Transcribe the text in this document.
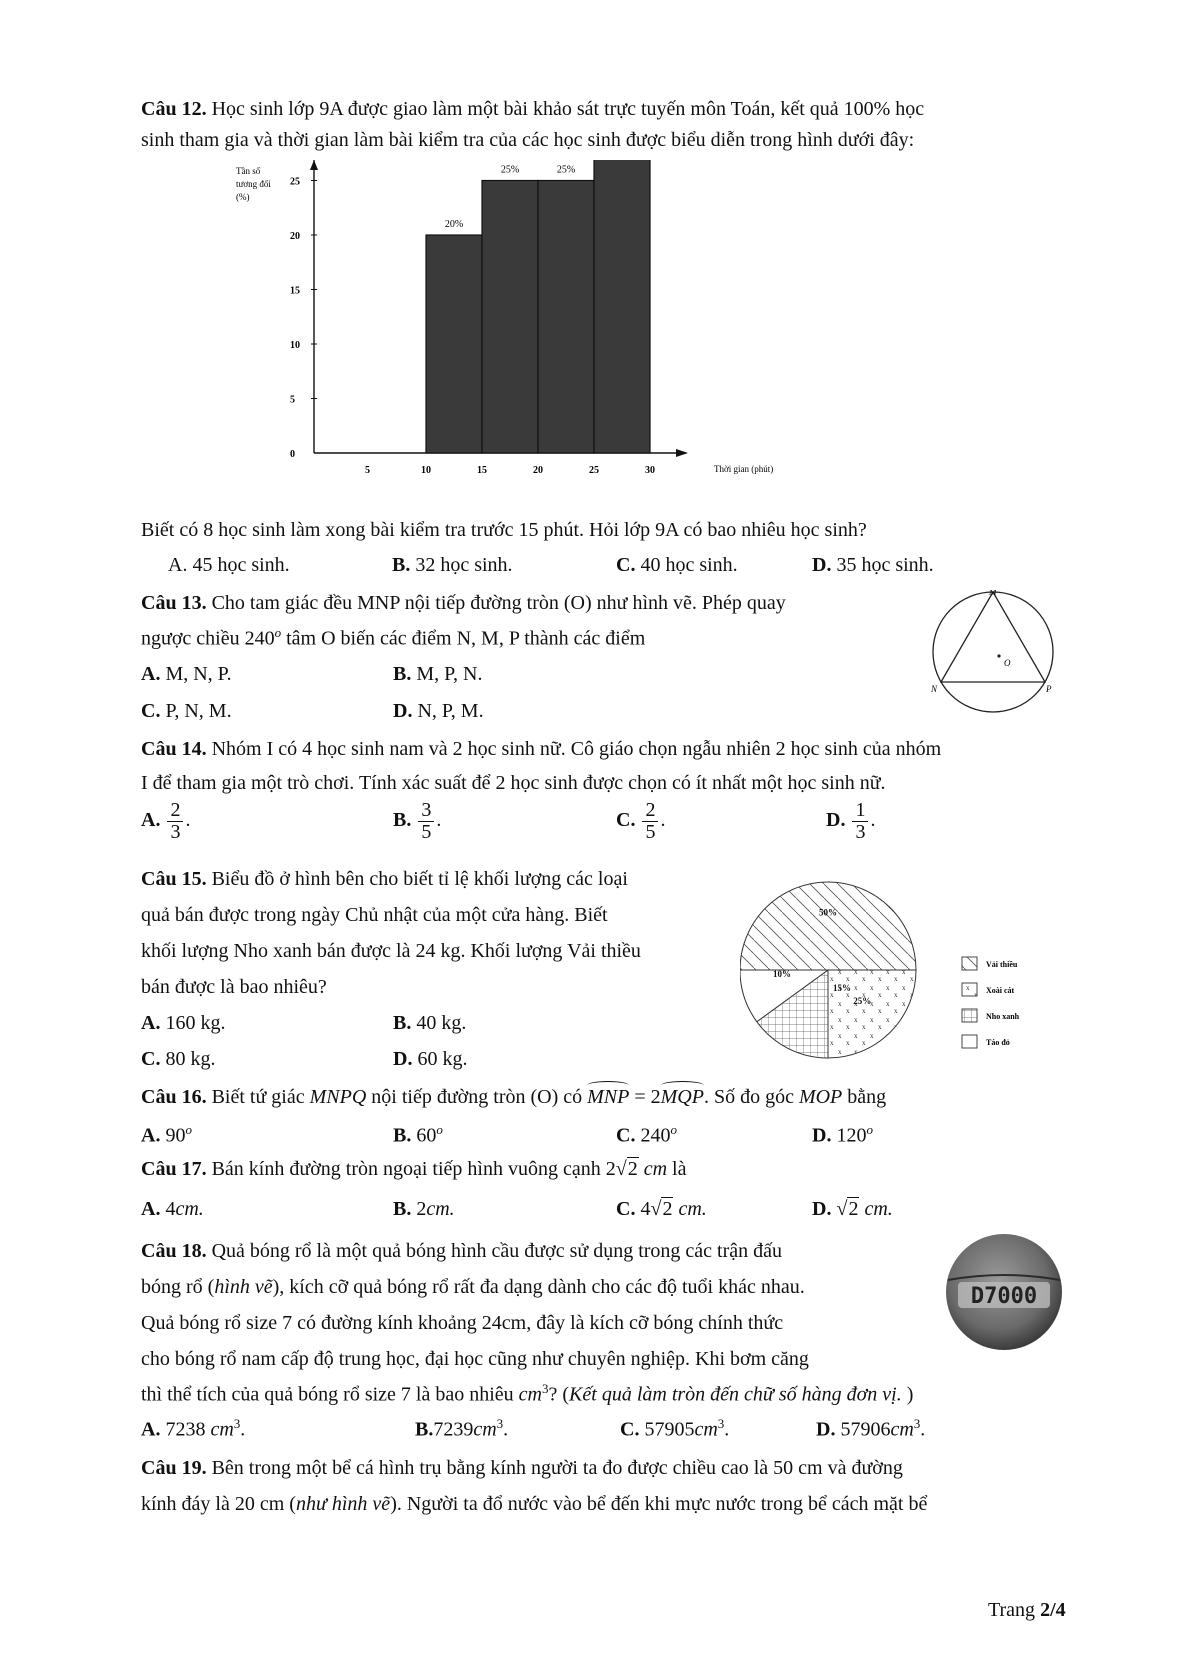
Câu 12. Học sinh lớp 9A được giao làm một bài khảo sát trực tuyến môn Toán, kết quả 100% học
sinh tham gia và thời gian làm bài kiểm tra của các học sinh được biểu diễn trong hình dưới đây:
0
5
10
15
20
25
Tần số
tương đối
(%)
5	10	15	20	25	30	Thời gian (phút)
20%
25%	25%
Biết có 8 học sinh làm xong bài kiểm tra trước 15 phút. Hỏi lớp 9A có bao nhiêu học sinh?
A. 45 học sinh.	B. 32 học sinh.	C. 40 học sinh.	D. 35 học sinh.
Câu 13. Cho tam giác đều MNP nội tiếp đường tròn (O) như hình vẽ. Phép quay
ngược chiều 240$^o$ tâm O biến các điểm N, M, P thành các điểm
A. M, N, P.	B. M, P, N.
C. P, N, M.	D. N, P, M.
M
N	P
O
Câu 14. Nhóm I có 4 học sinh nam và 2 học sinh nữ. Cô giáo chọn ngẫu nhiên 2 học sinh của nhóm
I để tham gia một trò chơi. Tính xác suất để 2 học sinh được chọn có ít nhất một học sinh nữ.
A. $\frac{2}{3}$ .	B. $\frac{3}{5}$ .	C. $\frac{2}{5}$ .	D. $\frac{1}{3}$ .
Câu 15. Biểu đồ ở hình bên cho biết tỉ lệ khối lượng các loại
quả bán được trong ngày Chủ nhật của một cửa hàng. Biết
khối lượng Nho xanh bán được là 24 kg. Khối lượng Vải thiều
bán được là bao nhiêu?
A. 160 kg.	B. 40 kg.
C. 80 kg.	D. 60 kg.
50%
25%
15%
10%
Vải thiều
Xoài cát
Nho xanh
Táo đỏ
Câu 16. Biết tứ giác MNPQ nội tiếp đường tròn (O) có MNP = 2MQP. Số đo góc MOP bằng
A. 90$^o$	B. 60$^o$	C. 240$^o$	D. 120$^o$
Câu 17. Bán kính đường tròn ngoại tiếp hình vuông cạnh 2√2 cm là
A. 4cm.	B. 2cm.	C. 4√2 cm.	D. √2 cm.
Câu 18. Quả bóng rổ là một quả bóng hình cầu được sử dụng trong các trận đấu
bóng rổ (hình vẽ), kích cỡ quả bóng rổ rất đa dạng dành cho các độ tuổi khác nhau.
Quả bóng rổ size 7 có đường kính khoảng 24cm, đây là kích cỡ bóng chính thức
cho bóng rổ nam cấp độ trung học, đại học cũng như chuyên nghiệp. Khi bơm căng
thì thể tích của quả bóng rổ size 7 là bao nhiêu $cm^3$? (Kết quả làm tròn đến chữ số hàng đơn vị. )
D7000
A. 7238 $cm^3$.	$B.7239cm^3$.	C. $57905cm^3$.	D. $57906cm^3$.
Câu 19. Bên trong một bể cá hình trụ bằng kính người ta đo được chiều cao là 50 cm và đường
kính đáy là 20 cm (như hình vẽ). Người ta đổ nước vào bể đến khi mực nước trong bể cách mặt bể
Trang 2/4
